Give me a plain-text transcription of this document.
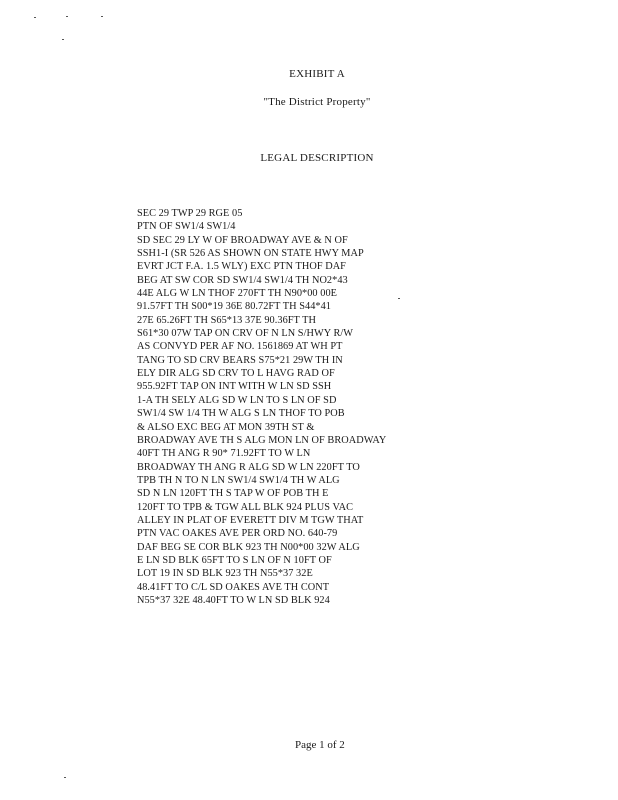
EXHIBIT A
"The District Property"
LEGAL DESCRIPTION
SEC 29 TWP 29 RGE 05
PTN OF SW1/4 SW1/4
SD SEC 29 LY W OF BROADWAY AVE & N OF
SSH1-I (SR 526 AS SHOWN ON STATE HWY MAP
EVRT JCT F.A. 1.5 WLY) EXC PTN THOF DAF
BEG AT SW COR SD SW1/4 SW1/4 TH NO2*43
44E ALG W LN THOF 270FT TH N90*00 00E
91.57FT TH S00*19 36E 80.72FT TH S44*41
27E 65.26FT TH S65*13 37E 90.36FT TH
S61*30 07W TAP ON CRV OF N LN S/HWY R/W
AS CONVYD PER AF NO. 1561869 AT WH PT
TANG TO SD CRV BEARS S75*21 29W TH IN
ELY DIR ALG SD CRV TO L HAVG RAD OF
955.92FT TAP ON INT WITH W LN SD SSH
1-A TH SELY ALG SD W LN TO S LN OF SD
SW1/4 SW 1/4 TH W ALG S LN THOF TO POB
& ALSO EXC BEG AT MON 39TH ST &
BROADWAY AVE TH S ALG MON LN OF BROADWAY
40FT TH ANG R 90* 71.92FT TO W LN
BROADWAY TH ANG R ALG SD W LN 220FT TO
TPB TH N TO N LN SW1/4 SW1/4 TH W ALG
SD N LN 120FT TH S TAP W OF POB TH E
120FT TO TPB & TGW ALL BLK 924 PLUS VAC
ALLEY IN PLAT OF EVERETT DIV M TGW THAT
PTN VAC OAKES AVE PER ORD NO. 640-79
DAF BEG SE COR BLK 923 TH N00*00 32W ALG
E LN SD BLK 65FT TO S LN OF N 10FT OF
LOT 19 IN SD BLK 923 TH N55*37 32E
48.41FT TO C/L SD OAKES AVE TH CONT
N55*37 32E 48.40FT TO W LN SD BLK 924
Page 1 of 2
